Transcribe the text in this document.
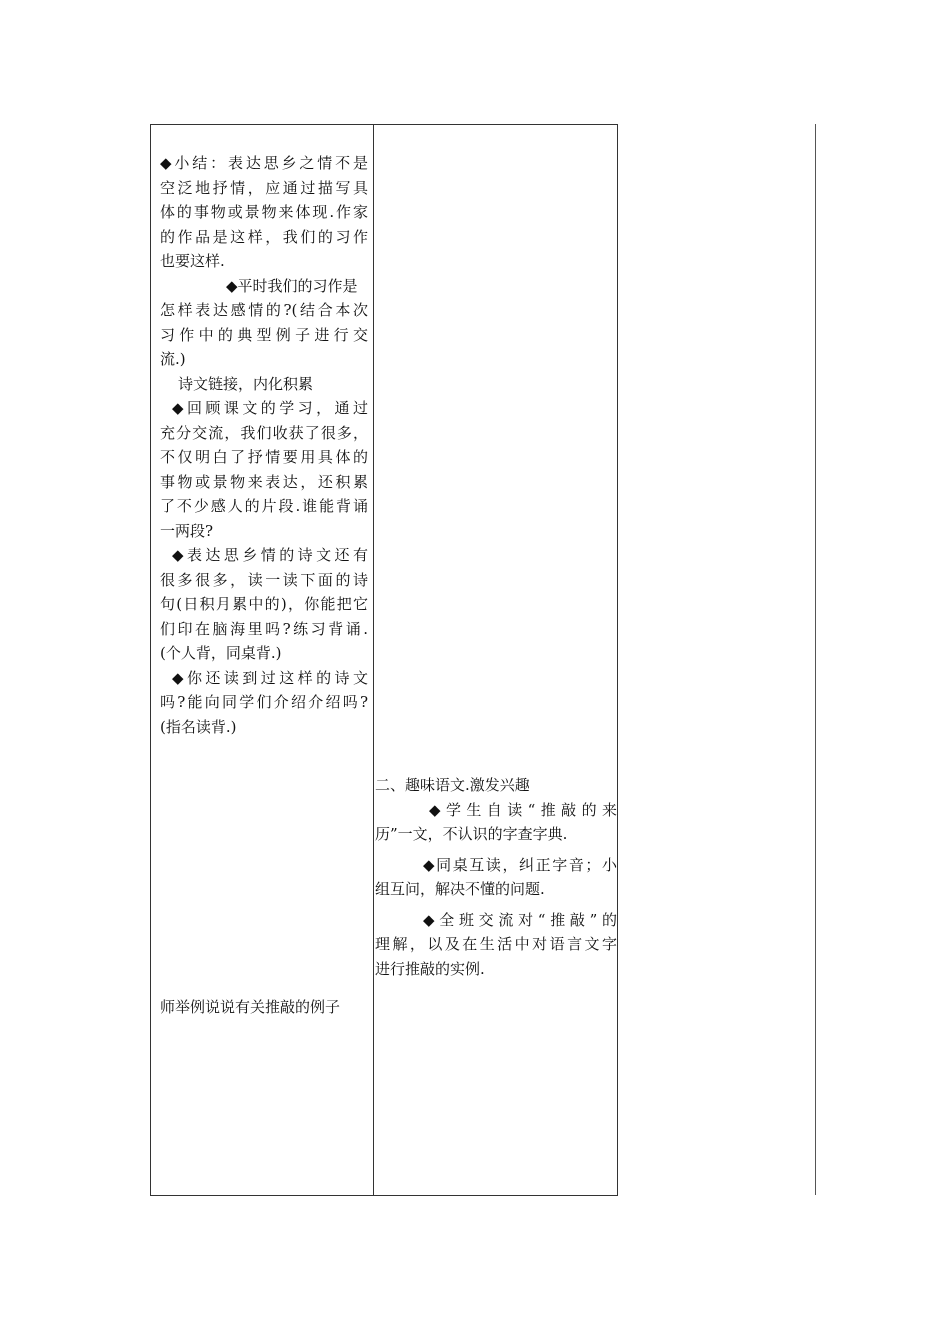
◆小结：表达思乡之情不是
空泛地抒情，应通过描写具
体的事物或景物来体现.作家
的作品是这样，我们的习作
也要这样.
◆平时我们的习作是
怎样表达感情的?(结合本次
习作中的典型例子进行交
流.)
诗文链接，内化积累
◆回顾课文的学习，通过
充分交流，我们收获了很多，
不仅明白了抒情要用具体的
事物或景物来表达，还积累
了不少感人的片段.谁能背诵
一两段?
◆表达思乡情的诗文还有
很多很多，读一读下面的诗
句(日积月累中的)，你能把它
们印在脑海里吗?练习背诵.
(个人背，同桌背.)
◆你还读到过这样的诗文
吗?能向同学们介绍介绍吗?
(指名读背.)
师举例说说有关推敲的例子
二、趣味语文.激发兴趣
◆学生自读“推敲的来
历”一文，不认识的字查字典.
◆同桌互读，纠正字音；小
组互问，解决不懂的问题.
◆全班交流对“推敲”的
理解，以及在生活中对语言文字
进行推敲的实例.
